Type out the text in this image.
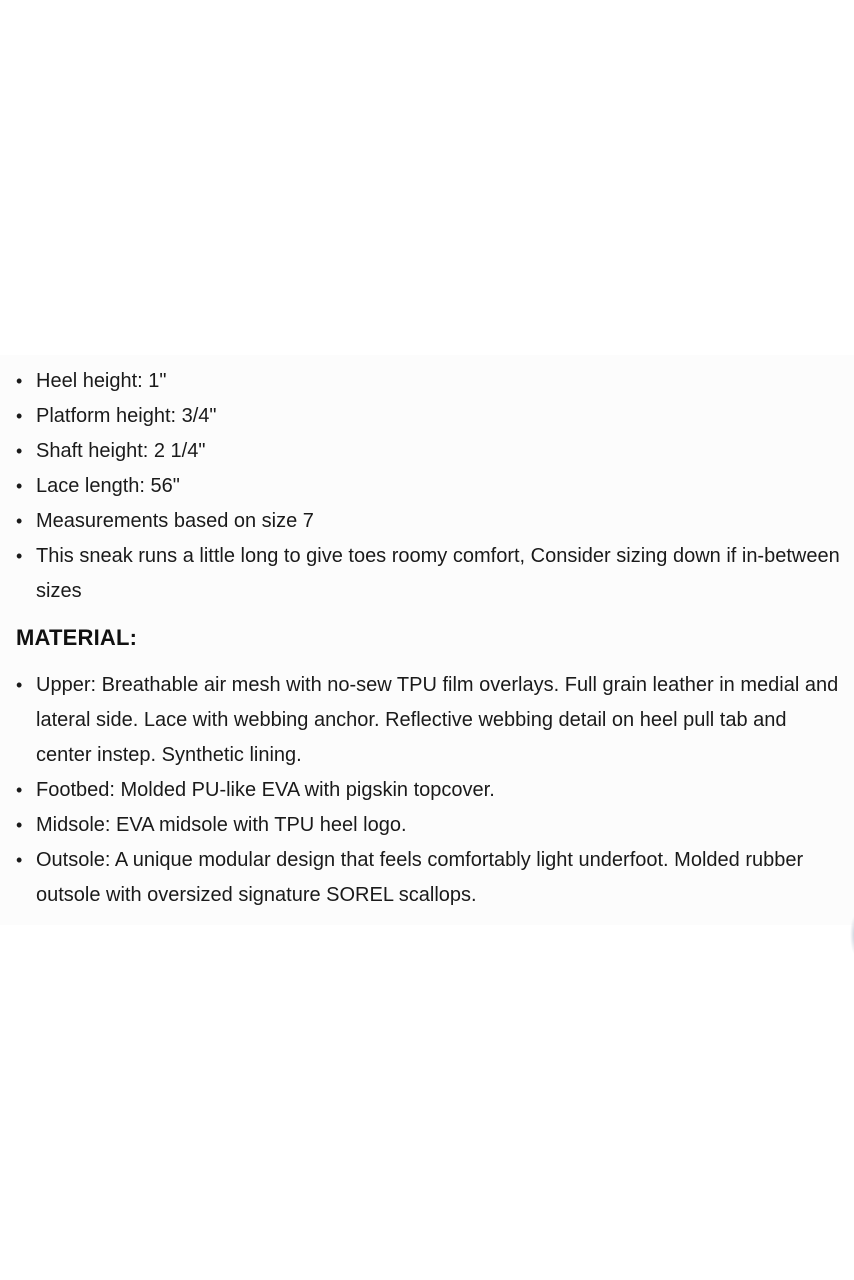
• Heel height: 1"
• Platform height: 3/4"
• Shaft height: 2 1/4"
• Lace length: 56"
• Measurements based on size 7
• This sneak runs a little long to give toes roomy comfort, Consider sizing down if in-between sizes
MATERIAL:
• Upper: Breathable air mesh with no-sew TPU film overlays. Full grain leather in medial and lateral side. Lace with webbing anchor. Reflective webbing detail on heel pull tab and center instep. Synthetic lining.
• Footbed: Molded PU-like EVA with pigskin topcover.
• Midsole: EVA midsole with TPU heel logo.
• Outsole: A unique modular design that feels comfortably light underfoot. Molded rubber outsole with oversized signature SOREL scallops.
